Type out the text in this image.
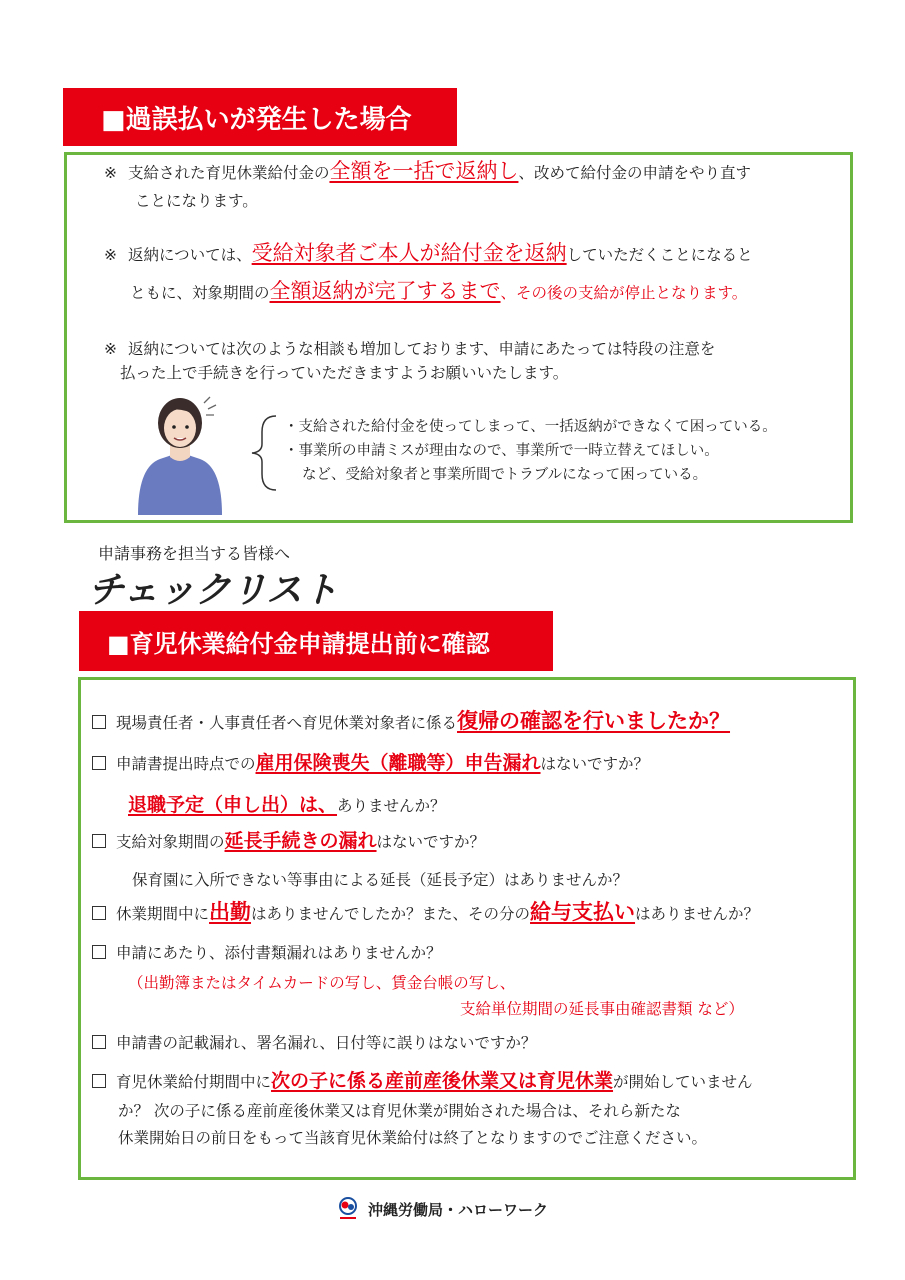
■過誤払いが発生した場合
※ 支給された育児休業給付金の全額を一括で返納し、改めて給付金の申請をやり直す
ことになります。
※ 返納については、受給対象者ご本人が給付金を返納していただくことになると
ともに、対象期間の全額返納が完了するまで、その後の支給が停止となります。
※ 返納については次のような相談も増加しております、申請にあたっては特段の注意を
払った上で手続きを行っていただきますようお願いいたします。
・支給された給付金を使ってしまって、一括返納ができなくて困っている。
・事業所の申請ミスが理由なので、事業所で一時立替えてほしい。
など、受給対象者と事業所間でトラブルになって困っている。
申請事務を担当する皆様へ
チェックリスト
■育児休業給付金申請提出前に確認
現場責任者・人事責任者へ育児休業対象者に係る復帰の確認を行いましたか？
申請書提出時点での雇用保険喪失（離職等）申告漏れはないですか？
退職予定（申し出）は、ありませんか？
支給対象期間の延長手続きの漏れはないですか？
保育園に入所できない等事由による延長（延長予定）はありませんか？
休業期間中に出勤はありませんでしたか？また、その分の給与支払いはありませんか？
申請にあたり、添付書類漏れはありませんか？
（出勤簿またはタイムカードの写し、賃金台帳の写し、
支給単位期間の延長事由確認書類 など）
申請書の記載漏れ、署名漏れ、日付等に誤りはないですか？
育児休業給付期間中に次の子に係る産前産後休業又は育児休業が開始していません
か？ 次の子に係る産前産後休業又は育児休業が開始された場合は、それら新たな
休業開始日の前日をもって当該育児休業給付は終了となりますのでご注意ください。
沖縄労働局・ハローワーク
